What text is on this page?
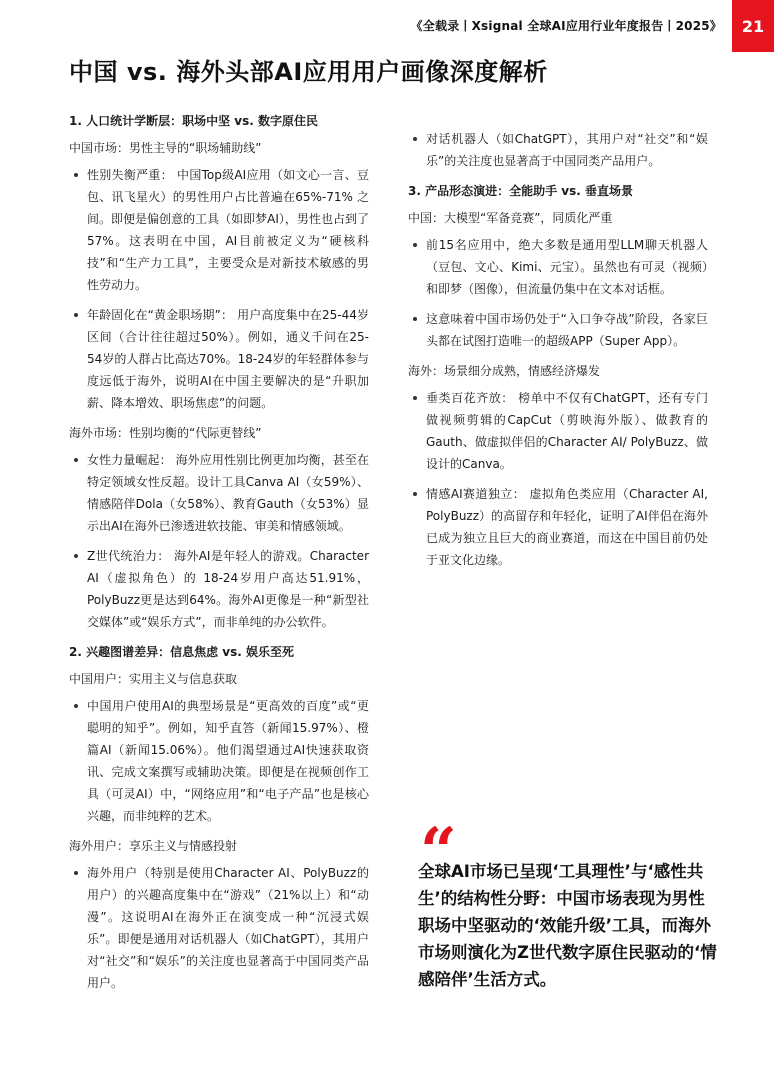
《全载录丨Xsignal 全球AI应用行业年度报告丨2025》	21
中国 vs. 海外头部AI应用用户画像深度解析

1. 人口统计学断层：职场中坚 vs. 数字原住民

中国市场：男性主导的“职场辅助线”

性别失衡严重： 中国Top级AI应用（如文心一言、豆包、讯飞星火）的男性用户占比普遍在65%-71% 之间。即便是偏创意的工具（如即梦AI），男性也占到了57%。这表明在中国，AI目前被定义为“硬核科技”和“生产力工具”，主要受众是对新技术敏感的男性劳动力。
年龄固化在“黄金职场期”： 用户高度集中在25-44岁 区间（合计往往超过50%）。例如，通义千问在25-54岁的人群占比高达70%。18-24岁的年轻群体参与度远低于海外，说明AI在中国主要解决的是“升职加薪、降本增效、职场焦虑”的问题。

海外市场：性别均衡的“代际更替线”

女性力量崛起： 海外应用性别比例更加均衡，甚至在特定领域女性反超。设计工具Canva AI（女59%）、情感陪伴Dola（女58%）、教育Gauth（女53%）显示出AI在海外已渗透进软技能、审美和情感领域。
Z世代统治力： 海外AI是年轻人的游戏。Character AI（虚拟角色）的 18-24岁用户高达51.91%，PolyBuzz更是达到64%。海外AI更像是一种“新型社交媒体”或“娱乐方式”，而非单纯的办公软件。

2. 兴趣图谱差异：信息焦虑 vs. 娱乐至死

中国用户：实用主义与信息获取

中国用户使用AI的典型场景是“更高效的百度”或“更聪明的知乎”。例如，知乎直答（新闻15.97%）、橙篇AI（新闻15.06%）。他们渴望通过AI快速获取资讯、完成文案撰写或辅助决策。即便是在视频创作工具（可灵AI）中，“网络应用”和“电子产品”也是核心兴趣，而非纯粹的艺术。

海外用户：享乐主义与情感投射

海外用户（特别是使用Character AI、PolyBuzz的用户）的兴趣高度集中在“游戏”（21%以上）和“动漫”。这说明AI在海外正在演变成一种“沉浸式娱乐”。即便是通用对话机器人（如ChatGPT），其用户对“社交”和“娱乐”的关注度也显著高于中国同类产品用户。
对话机器人（如ChatGPT），其用户对“社交”和“娱乐”的关注度也显著高于中国同类产品用户。

3. 产品形态演进：全能助手 vs. 垂直场景

中国：大模型“军备竞赛”，同质化严重

前15名应用中，绝大多数是通用型LLM聊天机器人（豆包、文心、Kimi、元宝）。虽然也有可灵（视频）和即梦（图像），但流量仍集中在文本对话框。
这意味着中国市场仍处于“入口争夺战”阶段，各家巨头都在试图打造唯一的超级APP（Super App）。

海外：场景细分成熟，情感经济爆发

垂类百花齐放： 榜单中不仅有ChatGPT，还有专门做视频剪辑的CapCut（剪映海外版）、做教育的Gauth、做虚拟伴侣的Character AI/ PolyBuzz、做设计的Canva。
情感AI赛道独立： 虚拟角色类应用（Character AI, PolyBuzz）的高留存和年轻化，证明了AI伴侣在海外已成为独立且巨大的商业赛道，而这在中国目前仍处于亚文化边缘。
“
全球AI市场已呈现‘工具理性’与‘感性共生’的结构性分野：中国市场表现为男性职场中坚驱动的‘效能升级’工具，而海外市场则演化为Z世代数字原住民驱动的‘情感陪伴’生活方式。
